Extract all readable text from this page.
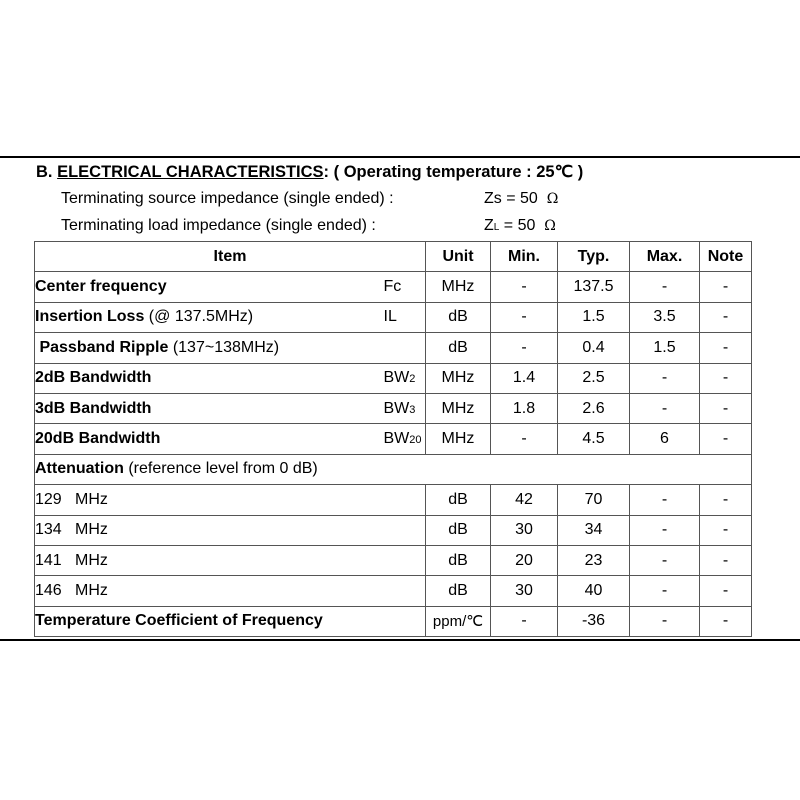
B. ELECTRICAL CHARACTERISTICS: ( Operating temperature : 25℃ )
Terminating source impedance (single ended) :	Zs = 50 Ω
Terminating load impedance (single ended) :	ZL = 50 Ω
Item		Unit	Min.	Typ.	Max.	Note
Center frequency	Fc	MHz	-	137.5	-	-
Insertion Loss (@ 137.5MHz)	IL	dB	-	1.5	3.5	-
Passband Ripple (137~138MHz)		dB	-	0.4	1.5	-
2dB Bandwidth	BW2	MHz	1.4	2.5	-	-
3dB Bandwidth	BW3	MHz	1.8	2.6	-	-
20dB Bandwidth	BW20	MHz	-	4.5	6	-
Attenuation (reference level from 0 dB)						
129   MHz		dB	42	70	-	-
134   MHz		dB	30	34	-	-
141   MHz		dB	20	23	-	-
146   MHz		dB	30	40	-	-
Temperature Coefficient of Frequency		ppm/℃	-	-36	-	-
